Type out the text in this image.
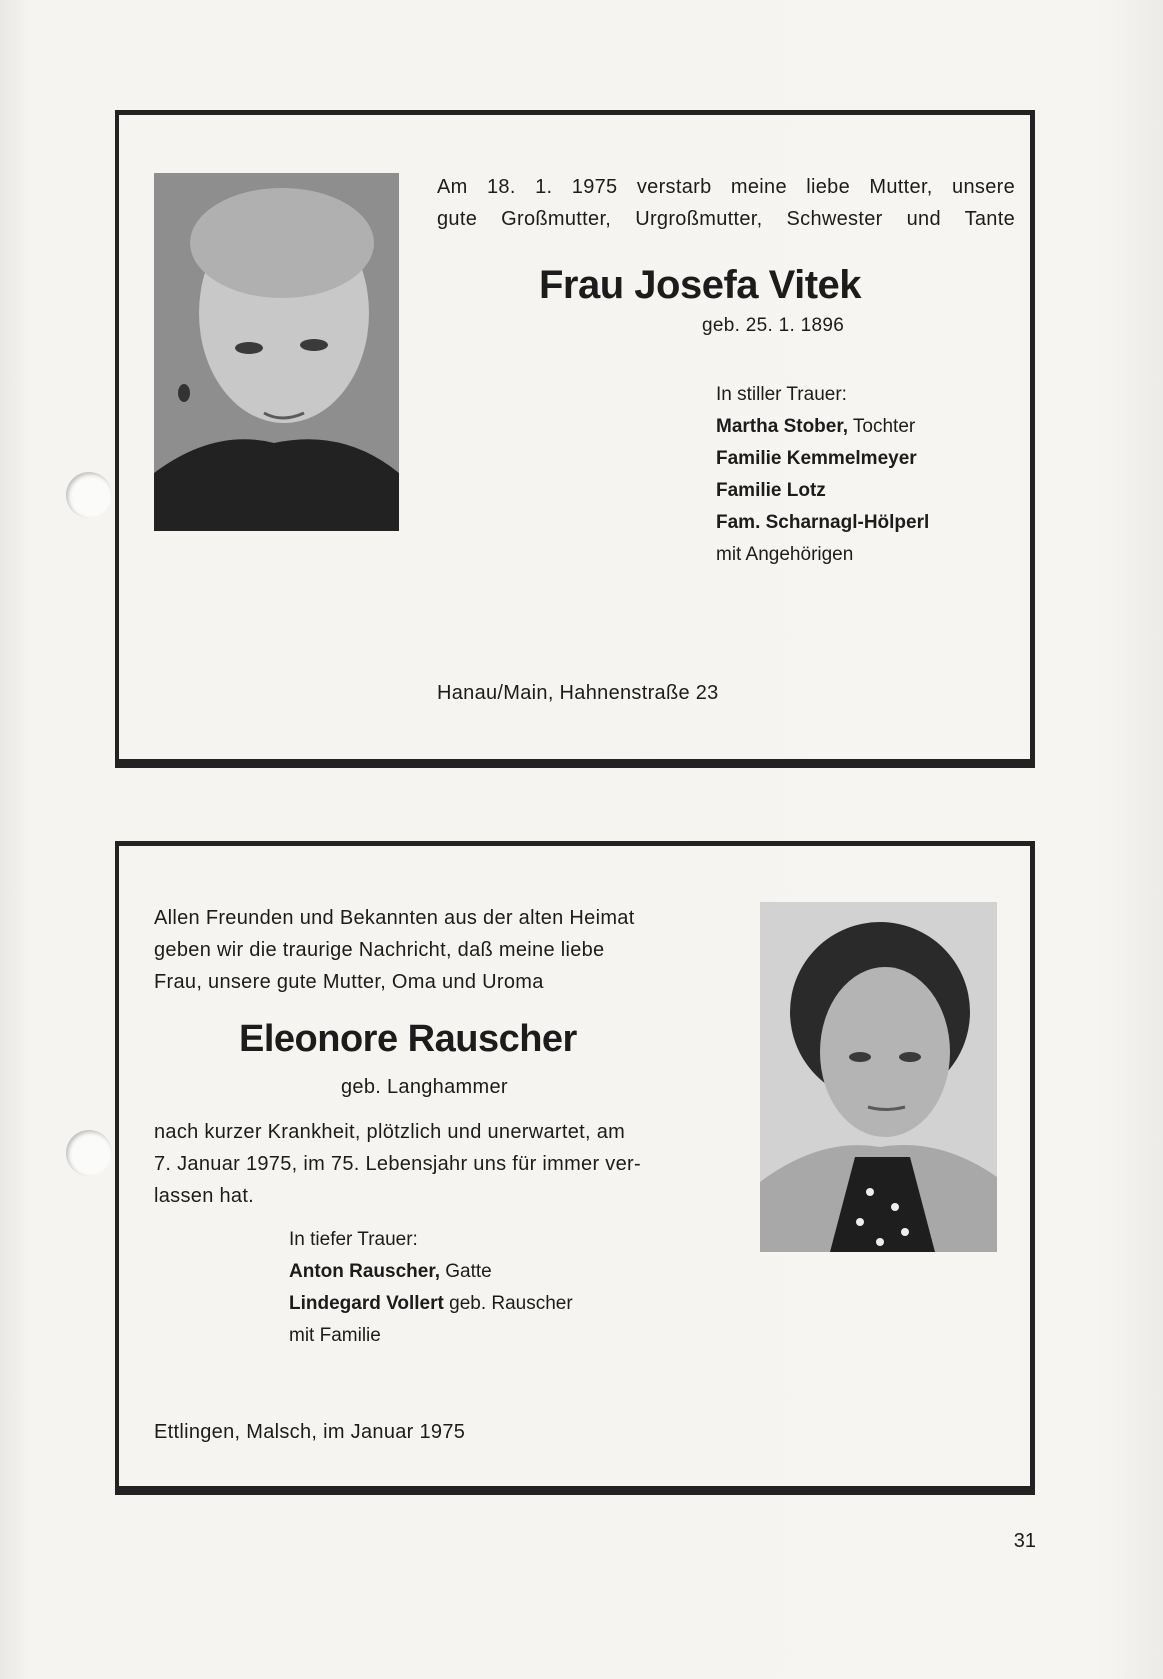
Am 18. 1. 1975 verstarb meine liebe Mutter, unsere
gute Großmutter, Urgroßmutter, Schwester und Tante
Frau Josefa Vitek
geb. 25. 1. 1896
In stiller Trauer:
Martha Stober, Tochter
Familie Kemmelmeyer
Familie Lotz
Fam. Scharnagl-Hölperl
mit Angehörigen
Hanau/Main, Hahnenstraße 23
Allen Freunden und Bekannten aus der alten Heimat
geben wir die traurige Nachricht, daß meine liebe
Frau, unsere gute Mutter, Oma und Uroma
Eleonore Rauscher
geb. Langhammer
nach kurzer Krankheit, plötzlich und unerwartet, am
7. Januar 1975, im 75. Lebensjahr uns für immer ver-
lassen hat.
In tiefer Trauer:
Anton Rauscher, Gatte
Lindegard Vollert geb. Rauscher
mit Familie
Ettlingen, Malsch, im Januar 1975
31
